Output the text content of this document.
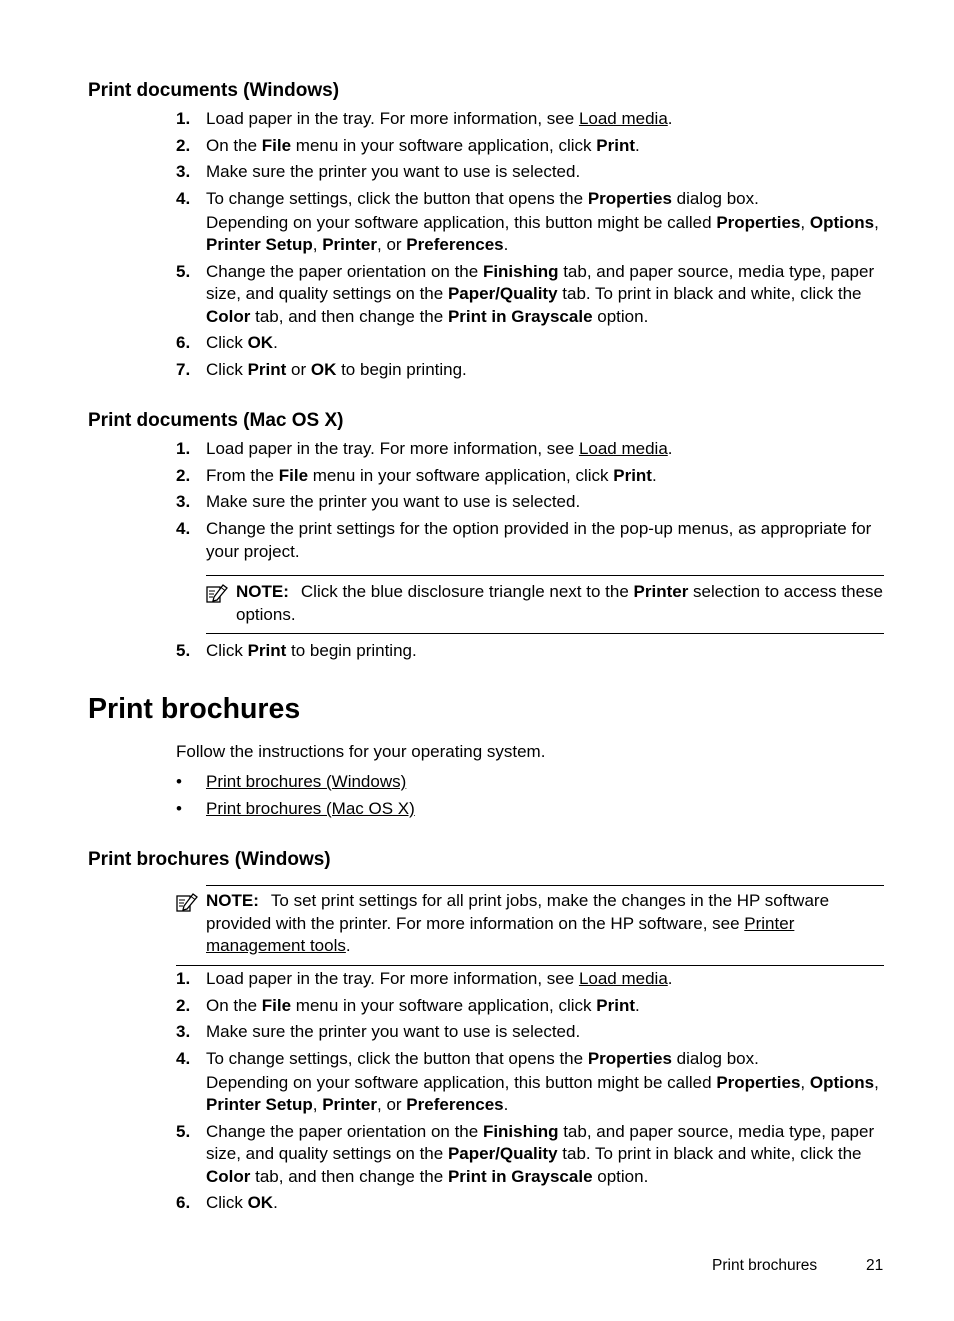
Print documents (Windows)
1. Load paper in the tray. For more information, see Load media.

2. On the File menu in your software application, click Print.

3. Make sure the printer you want to use is selected.

4. To change settings, click the button that opens the Properties dialog box.

Depending on your software application, this button might be called Properties, Options, Printer Setup, Printer, or Preferences.

5. Change the paper orientation on the Finishing tab, and paper source, media type, paper size, and quality settings on the Paper/Quality tab. To print in black and white, click the Color tab, and then change the Print in Grayscale option.

6. Click OK.

7. Click Print or OK to begin printing.

Print documents (Mac OS X)
1. Load paper in the tray. For more information, see Load media.

2. From the File menu in your software application, click Print.

3. Make sure the printer you want to use is selected.

4. Change the print settings for the option provided in the pop-up menus, as appropriate for your project.

NOTE: Click the blue disclosure triangle next to the Printer selection to access these options.
5. Click Print to begin printing.

Print brochures
Follow the instructions for your operating system.
• Print brochures (Windows)
• Print brochures (Mac OS X)
Print brochures (Windows)
NOTE: To set print settings for all print jobs, make the changes in the HP software provided with the printer. For more information on the HP software, see Printer management tools.
1. Load paper in the tray. For more information, see Load media.

2. On the File menu in your software application, click Print.

3. Make sure the printer you want to use is selected.

4. To change settings, click the button that opens the Properties dialog box.

Depending on your software application, this button might be called Properties, Options, Printer Setup, Printer, or Preferences.

5. Change the paper orientation on the Finishing tab, and paper source, media type, paper size, and quality settings on the Paper/Quality tab. To print in black and white, click the Color tab, and then change the Print in Grayscale option.

6. Click OK.

Print brochures	21
